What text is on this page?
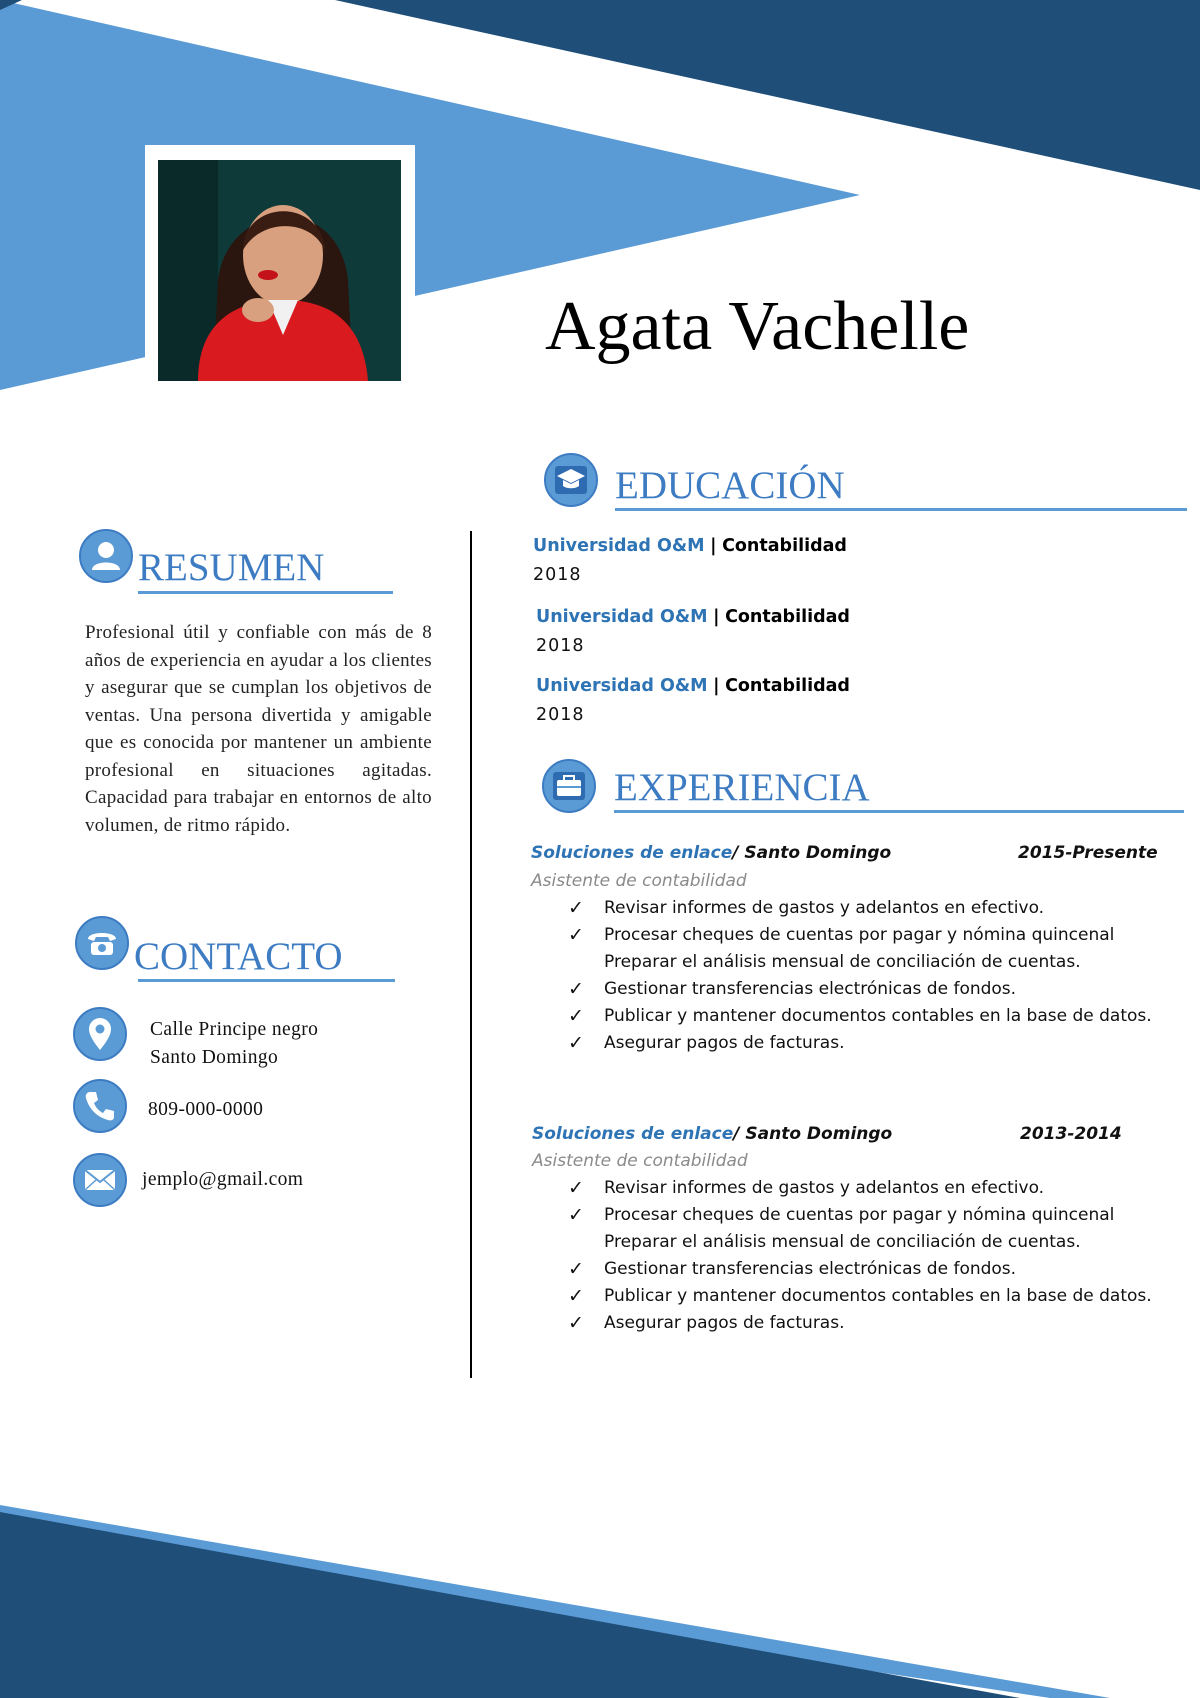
Agata Vachelle
RESUMEN
Profesional útil y confiable con más de 8 años de experiencia en ayudar a los clientes y asegurar que se cumplan los objetivos de ventas. Una persona divertida y amigable que es conocida por mantener un ambiente profesional en situaciones agitadas. Capacidad para trabajar en entornos de alto volumen, de ritmo rápido.
CONTACTO
Calle Principe negro
Santo Domingo
809-000-0000
jemplo@gmail.com
EDUCACIÓN
Universidad O&M | Contabilidad
2018
Universidad O&M | Contabilidad
2018
Universidad O&M | Contabilidad
2018
EXPERIENCIA
Soluciones de enlace/ Santo Domingo	2015-Presente
Asistente de contabilidad
✓ Revisar informes de gastos y adelantos en efectivo.
✓ Procesar cheques de cuentas por pagar y nómina quincenal
Preparar el análisis mensual de conciliación de cuentas.
✓ Gestionar transferencias electrónicas de fondos.
✓ Publicar y mantener documentos contables en la base de datos.
✓ Asegurar pagos de facturas.
Soluciones de enlace/ Santo Domingo	2013-2014
Asistente de contabilidad
✓ Revisar informes de gastos y adelantos en efectivo.
✓ Procesar cheques de cuentas por pagar y nómina quincenal
Preparar el análisis mensual de conciliación de cuentas.
✓ Gestionar transferencias electrónicas de fondos.
✓ Publicar y mantener documentos contables en la base de datos.
✓ Asegurar pagos de facturas.
